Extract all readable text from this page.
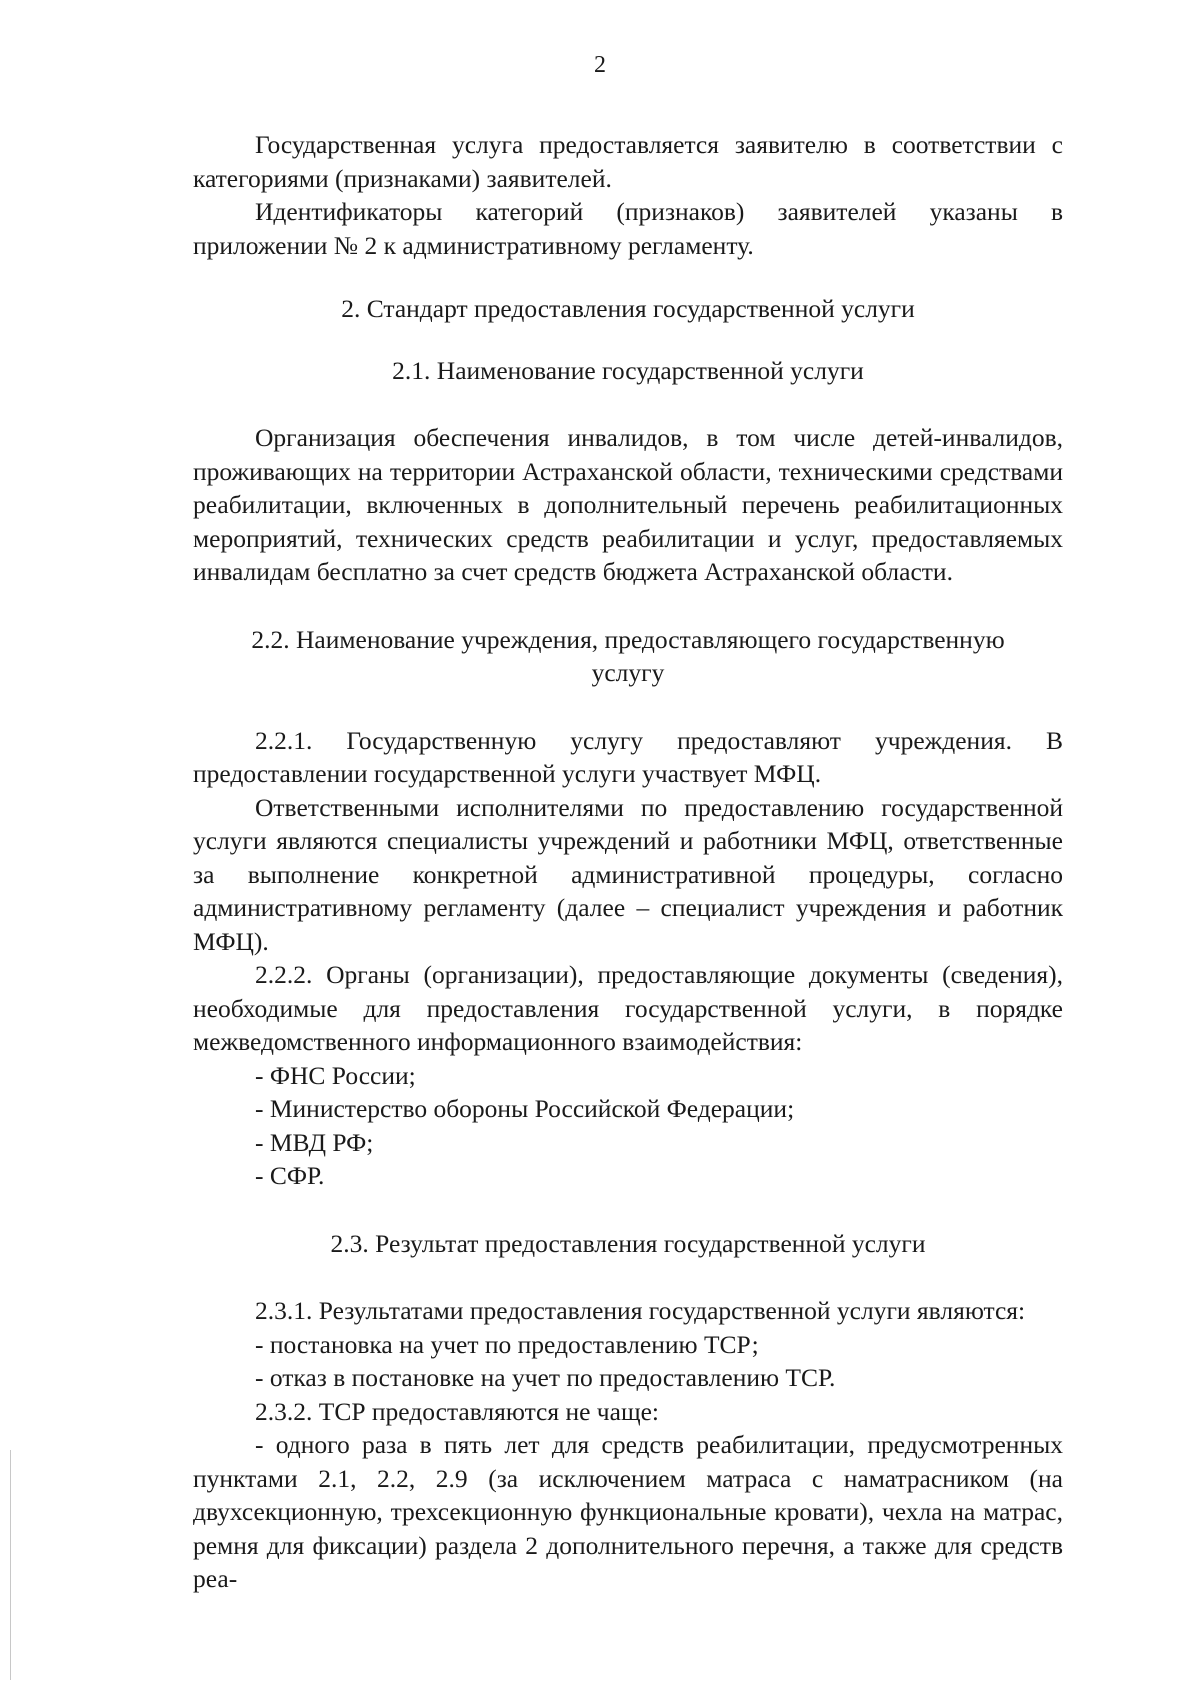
2

Государственная услуга предоставляется заявителю в соответствии с категориями (признаками) заявителей.

Идентификаторы категорий (признаков) заявителей указаны в приложении № 2 к административному регламенту.

2. Стандарт предоставления государственной услуги
2.1. Наименование государственной услуги

Организация обеспечения инвалидов, в том числе детей-инвалидов, проживающих на территории Астраханской области, техническими средствами реабилитации, включенных в дополнительный перечень реабилитационных мероприятий, технических средств реабилитации и услуг, предоставляемых инвалидам бесплатно за счет средств бюджета Астраханской области.

2.2. Наименование учреждения, предоставляющего государственную услугу

2.2.1. Государственную услугу предоставляют учреждения. В предоставлении государственной услуги участвует МФЦ.

Ответственными исполнителями по предоставлению государственной услуги являются специалисты учреждений и работники МФЦ, ответственные за выполнение конкретной административной процедуры, согласно административному регламенту (далее – специалист учреждения и работник МФЦ).

2.2.2. Органы (организации), предоставляющие документы (сведения), необходимые для предоставления государственной услуги, в порядке межведомственного информационного взаимодействия:

- ФНС России;

- Министерство обороны Российской Федерации;

- МВД РФ;

- СФР.

2.3. Результат предоставления государственной услуги

2.3.1. Результатами предоставления государственной услуги являются:

- постановка на учет по предоставлению ТСР;

- отказ в постановке на учет по предоставлению ТСР.

2.3.2. ТСР предоставляются не чаще:

- одного раза в пять лет для средств реабилитации, предусмотренных пунктами 2.1, 2.2, 2.9 (за исключением матраса с наматрасником (на двухсекционную, трехсекционную функциональные кровати), чехла на матрас, ремня для фиксации) раздела 2 дополнительного перечня, а также для средств реа-
